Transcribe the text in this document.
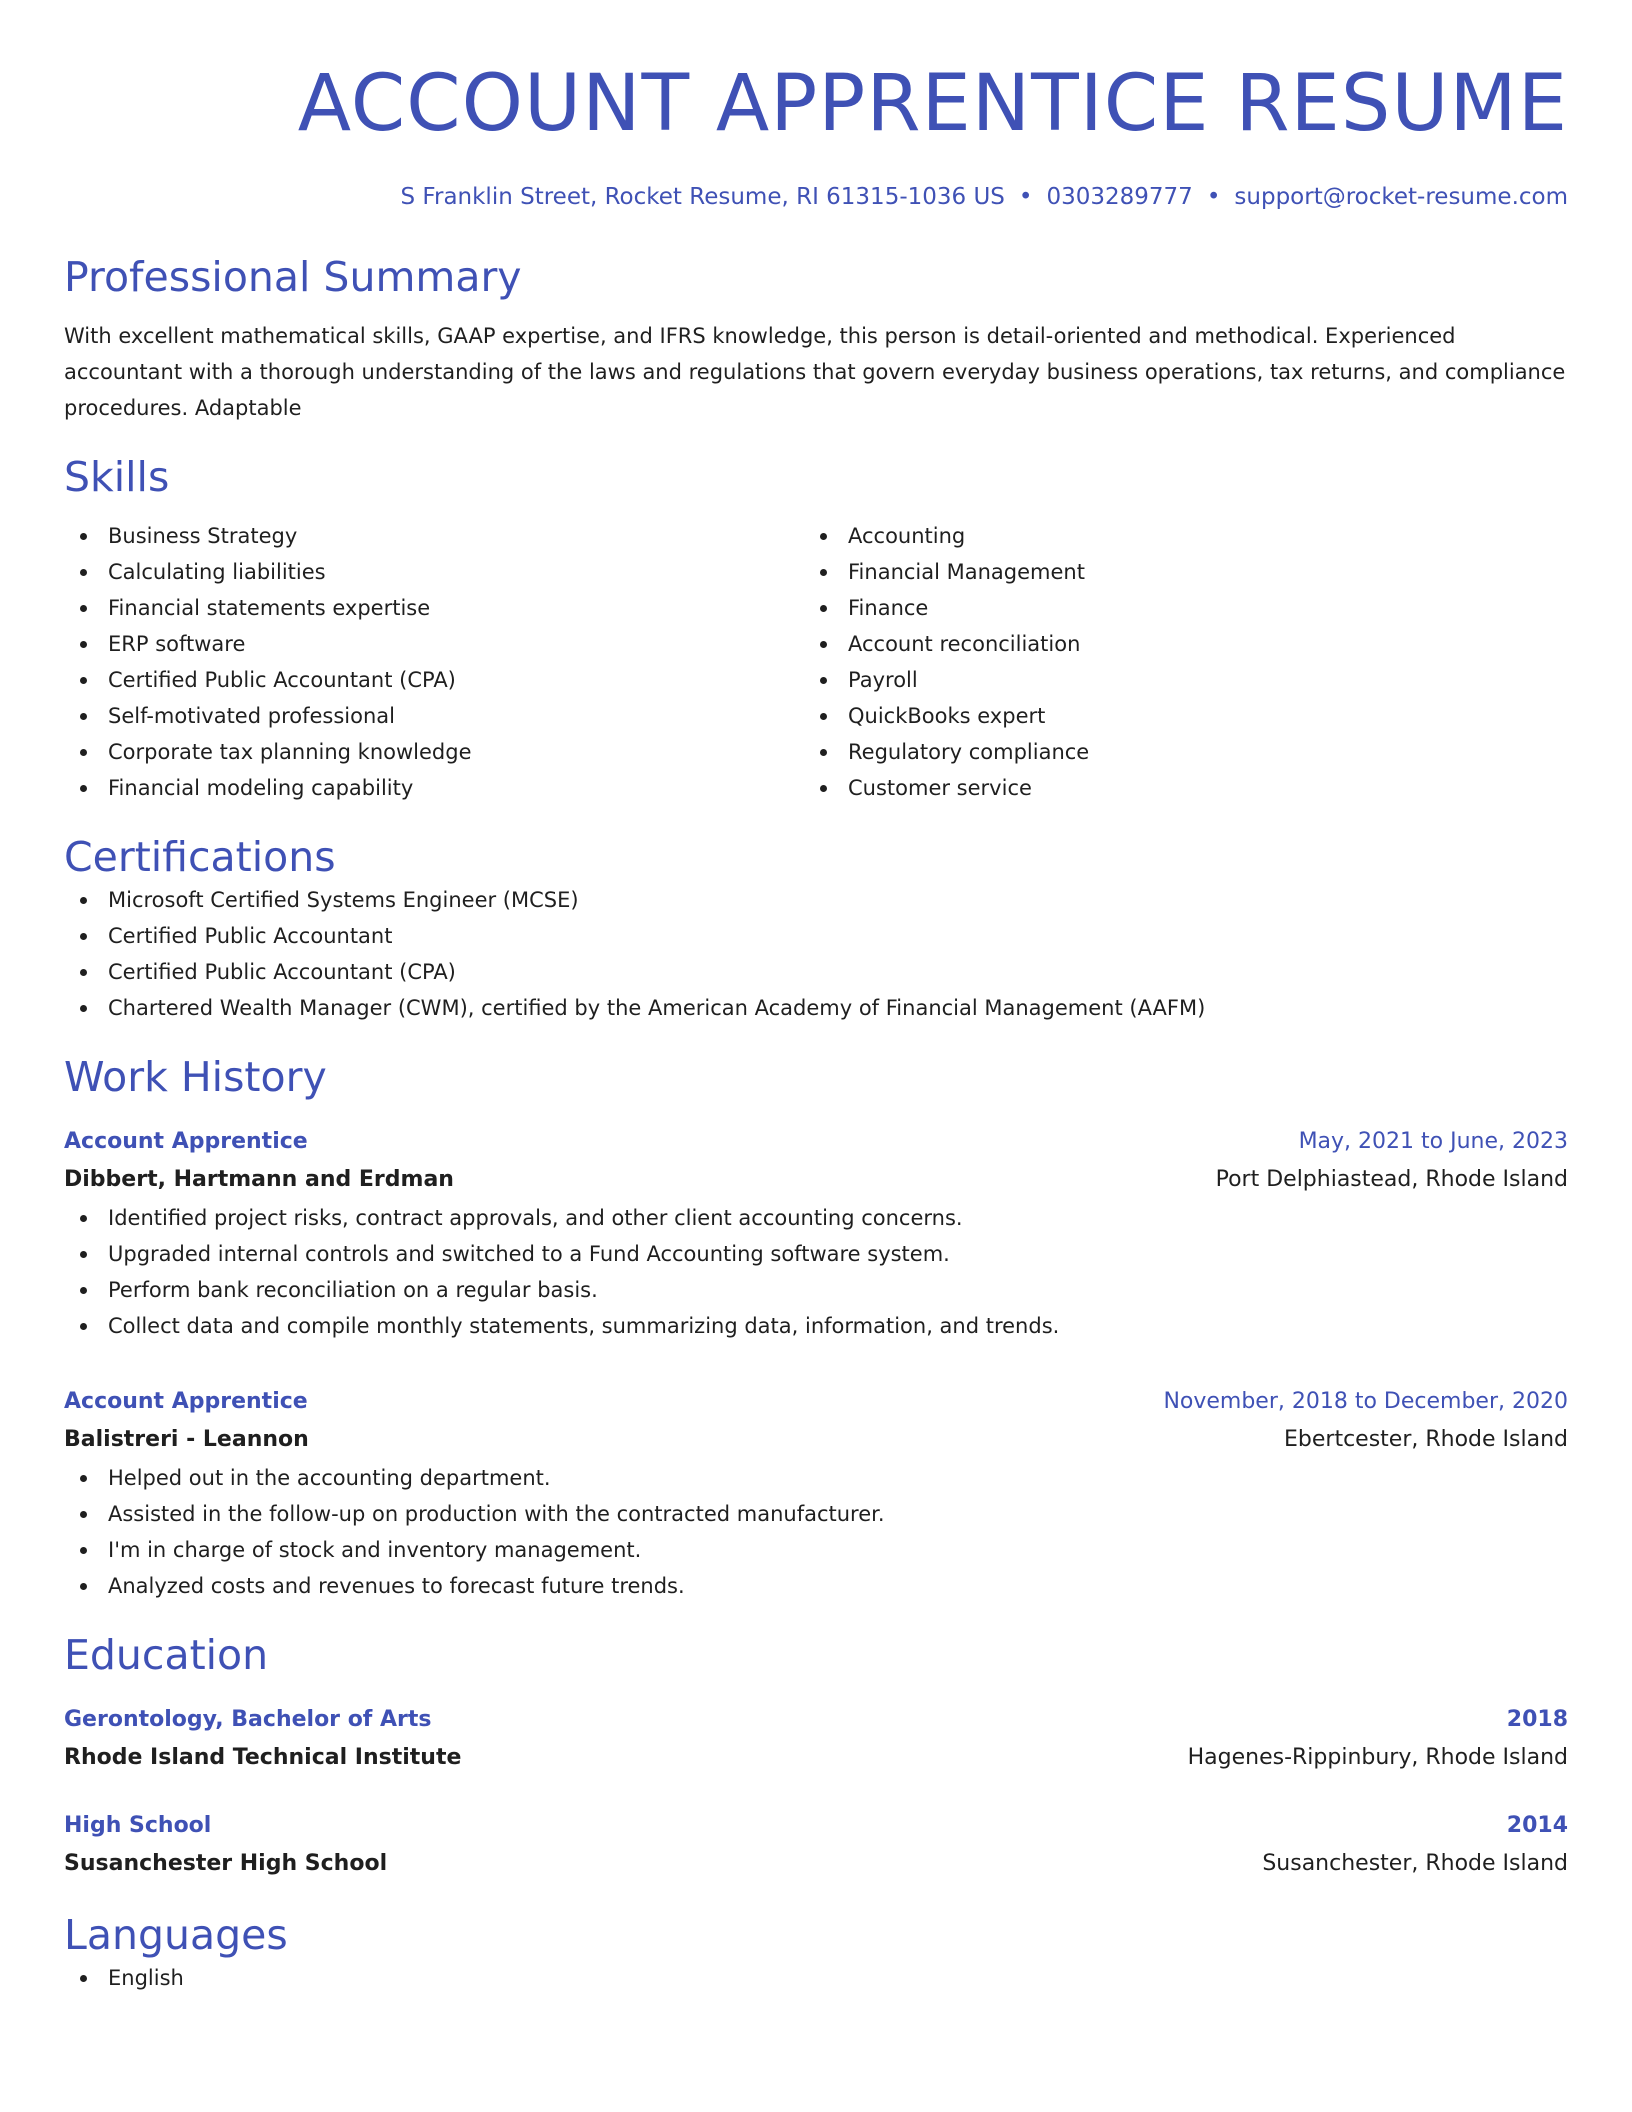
ACCOUNT APPRENTICE RESUME
S Franklin Street, Rocket Resume, RI 61315-1036 US • 0303289777 • support@rocket-resume.com
Professional Summary

With excellent mathematical skills, GAAP expertise, and IFRS knowledge, this person is detail-oriented and methodical. Experienced accountant with a thorough understanding of the laws and regulations that govern everyday business operations, tax returns, and compliance procedures. Adaptable

Skills
Business Strategy
Calculating liabilities
Financial statements expertise
ERP software
Certified Public Accountant (CPA)
Self-motivated professional
Corporate tax planning knowledge
Financial modeling capability
Accounting
Financial Management
Finance
Account reconciliation
Payroll
QuickBooks expert
Regulatory compliance
Customer service
Certifications
Microsoft Certified Systems Engineer (MCSE)
Certified Public Accountant
Certified Public Accountant (CPA)
Chartered Wealth Manager (CWM), certified by the American Academy of Financial Management (AAFM)
Work History
Account Apprentice	May, 2021 to June, 2023
Dibbert, Hartmann and Erdman	Port Delphiastead, Rhode Island
Identified project risks, contract approvals, and other client accounting concerns.
Upgraded internal controls and switched to a Fund Accounting software system.
Perform bank reconciliation on a regular basis.
Collect data and compile monthly statements, summarizing data, information, and trends.
Account Apprentice	November, 2018 to December, 2020
Balistreri - Leannon	Ebertcester, Rhode Island
Helped out in the accounting department.
Assisted in the follow-up on production with the contracted manufacturer.
I'm in charge of stock and inventory management.
Analyzed costs and revenues to forecast future trends.
Education
Gerontology, Bachelor of Arts	2018
Rhode Island Technical Institute	Hagenes-Rippinbury, Rhode Island
High School	2014
Susanchester High School	Susanchester, Rhode Island
Languages
English
